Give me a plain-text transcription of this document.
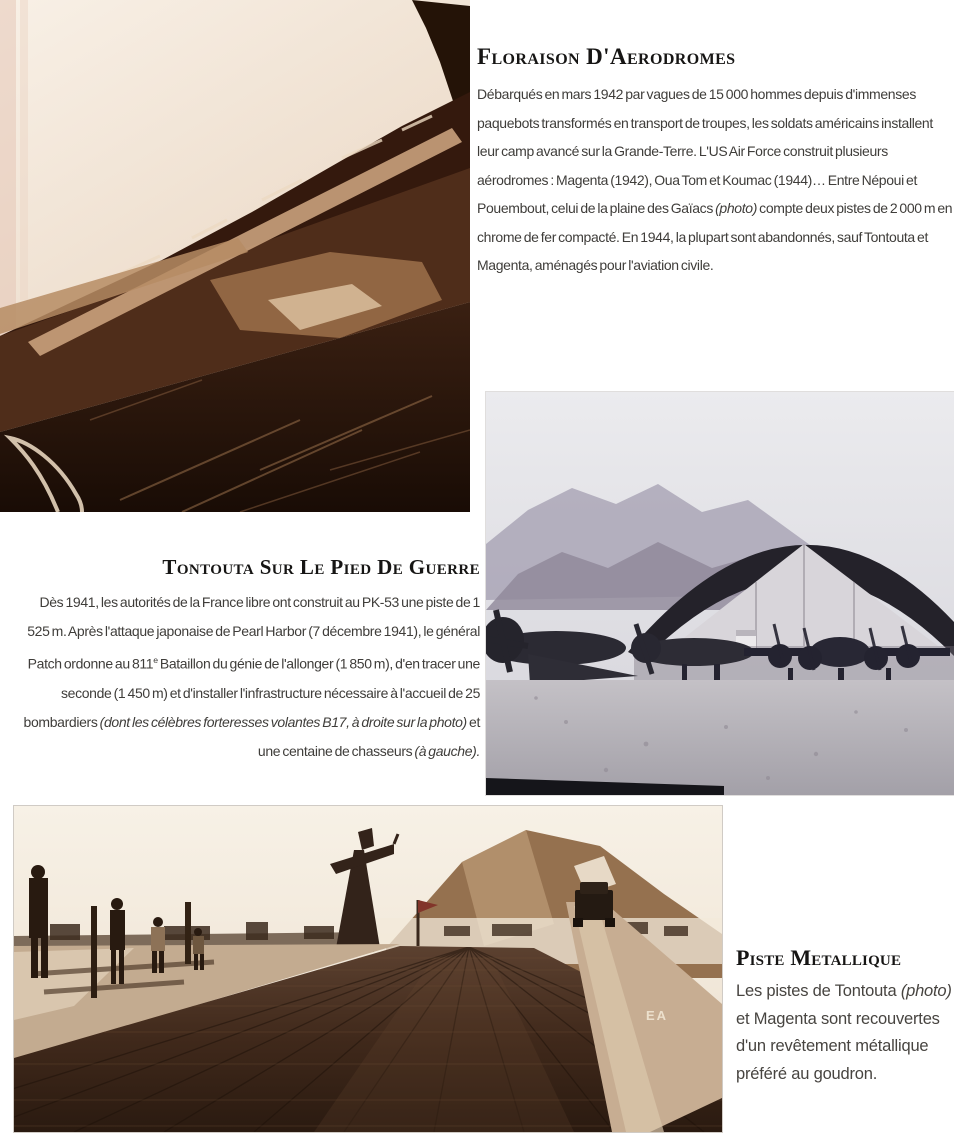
Floraison D'Aerodromes

Débarqués en mars 1942 par vagues de 15 000 hommes depuis d'immenses paquebots transformés en transport de troupes, les soldats américains installent leur camp avancé sur la Grande-Terre. L'US Air Force construit plusieurs aérodromes : Magenta (1942), Oua Tom et Koumac (1944)… Entre Népoui et Pouembout, celui de la plaine des Gaïacs (photo) compte deux pistes de 2 000 m en chrome de fer compacté. En 1944, la plupart sont abandonnés, sauf Tontouta et Magenta, aménagés pour l'aviation civile.

Tontouta Sur Le Pied De Guerre

Dès 1941, les autorités de la France libre ont construit au PK-53 une piste de 1 525 m. Après l'attaque japonaise de Pearl Harbor (7 décembre 1941), le général Patch ordonne au 811e Bataillon du génie de l'allonger (1 850 m), d'en tracer une seconde (1 450 m) et d'installer l'infrastructure nécessaire à l'accueil de 25 bombardiers (dont les célèbres forteresses volantes B17, à droite sur la photo) et une centaine de chasseurs (à gauche).

EA
Piste Metallique

Les pistes de Tontouta (photo) et Magenta sont recouvertes d'un revêtement métallique préféré au goudron.
